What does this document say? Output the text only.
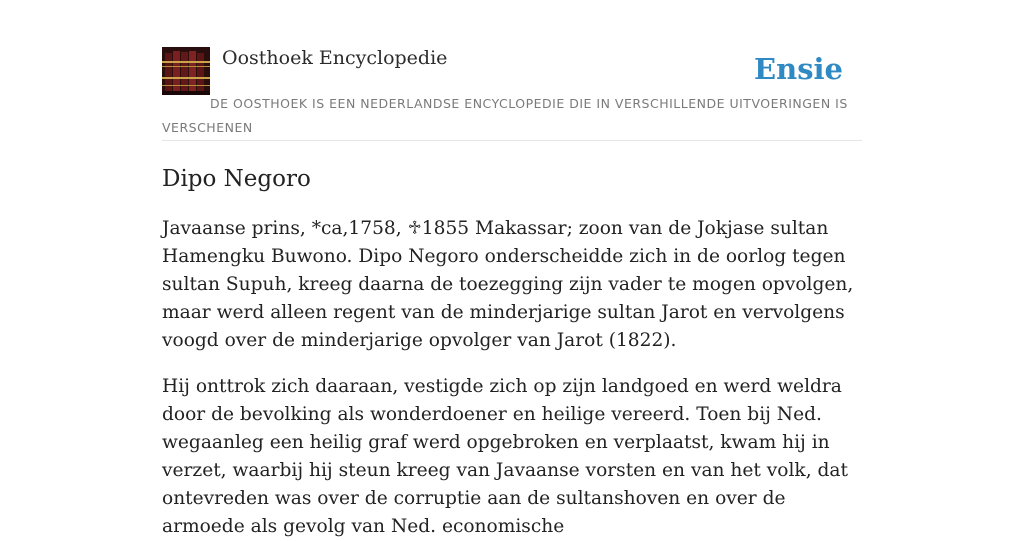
Oosthoek Encyclopedie	Ensie
DE OOSTHOEK IS EEN NEDERLANDSE ENCYCLOPEDIE DIE IN VERSCHILLENDE UITVOERINGEN IS VERSCHENEN
Dipo Negoro

Javaanse prins, *ca,1758, ♱1855 Makassar; zoon van de Jokjase sultan Hamengku Buwono. Dipo Negoro onderscheidde zich in de oorlog tegen sultan Supuh, kreeg daarna de toezegging zijn vader te mogen opvolgen, maar werd alleen regent van de minderjarige sultan Jarot en vervolgens voogd over de minderjarige opvolger van Jarot (1822).

Hij onttrok zich daaraan, vestigde zich op zijn landgoed en werd weldra door de bevolking als wonderdoener en heilige vereerd. Toen bij Ned. wegaanleg een heilig graf werd opgebroken en verplaatst, kwam hij in verzet, waarbij hij steun kreeg van Javaanse vorsten en van het volk, dat ontevreden was over de corruptie aan de sultanshoven en over de armoede als gevolg van Ned. economische
